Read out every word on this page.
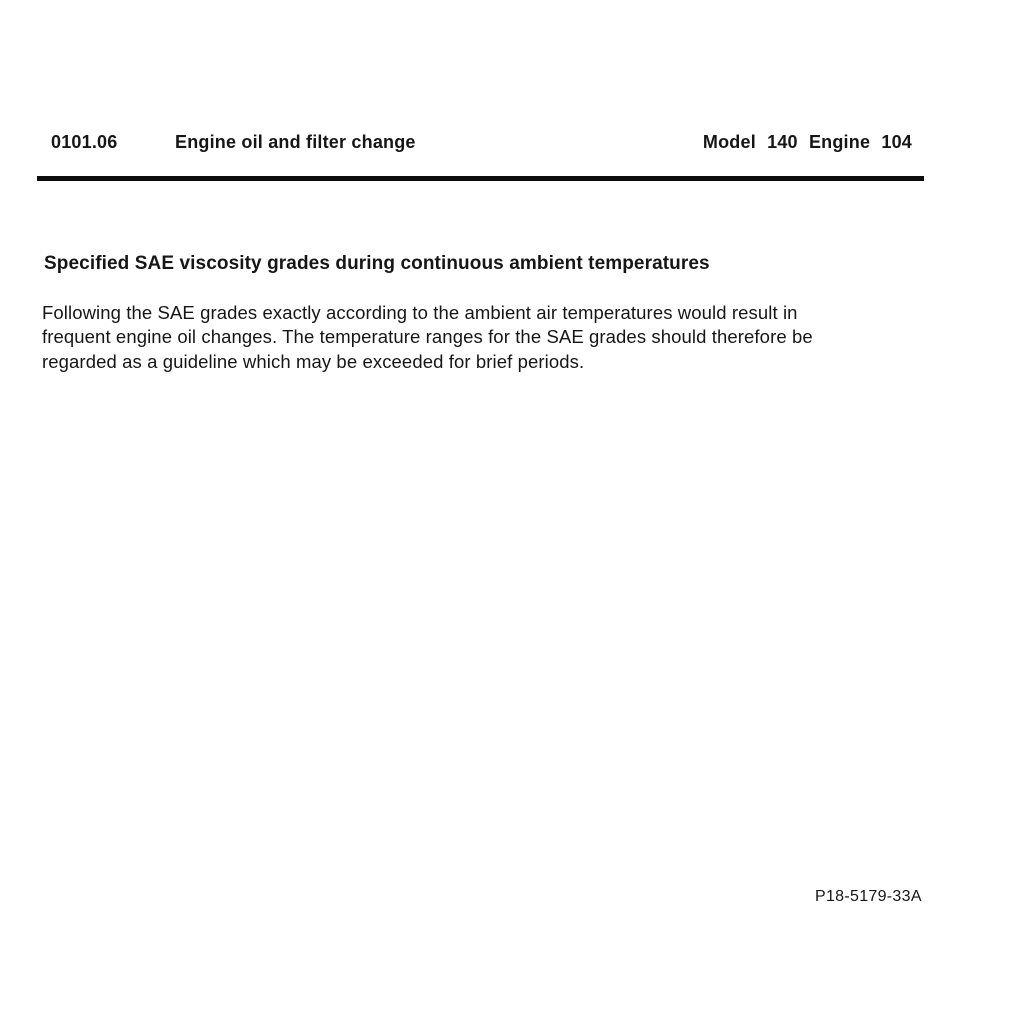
0101.06	Engine oil and filter change	Model 140 Engine 104
Specified SAE viscosity grades during continuous ambient temperatures
Following the SAE grades exactly according to the ambient air temperatures would result in
frequent engine oil changes. The temperature ranges for the SAE grades should therefore be
regarded as a guideline which may be exceeded for brief periods.
P18-5179-33A
